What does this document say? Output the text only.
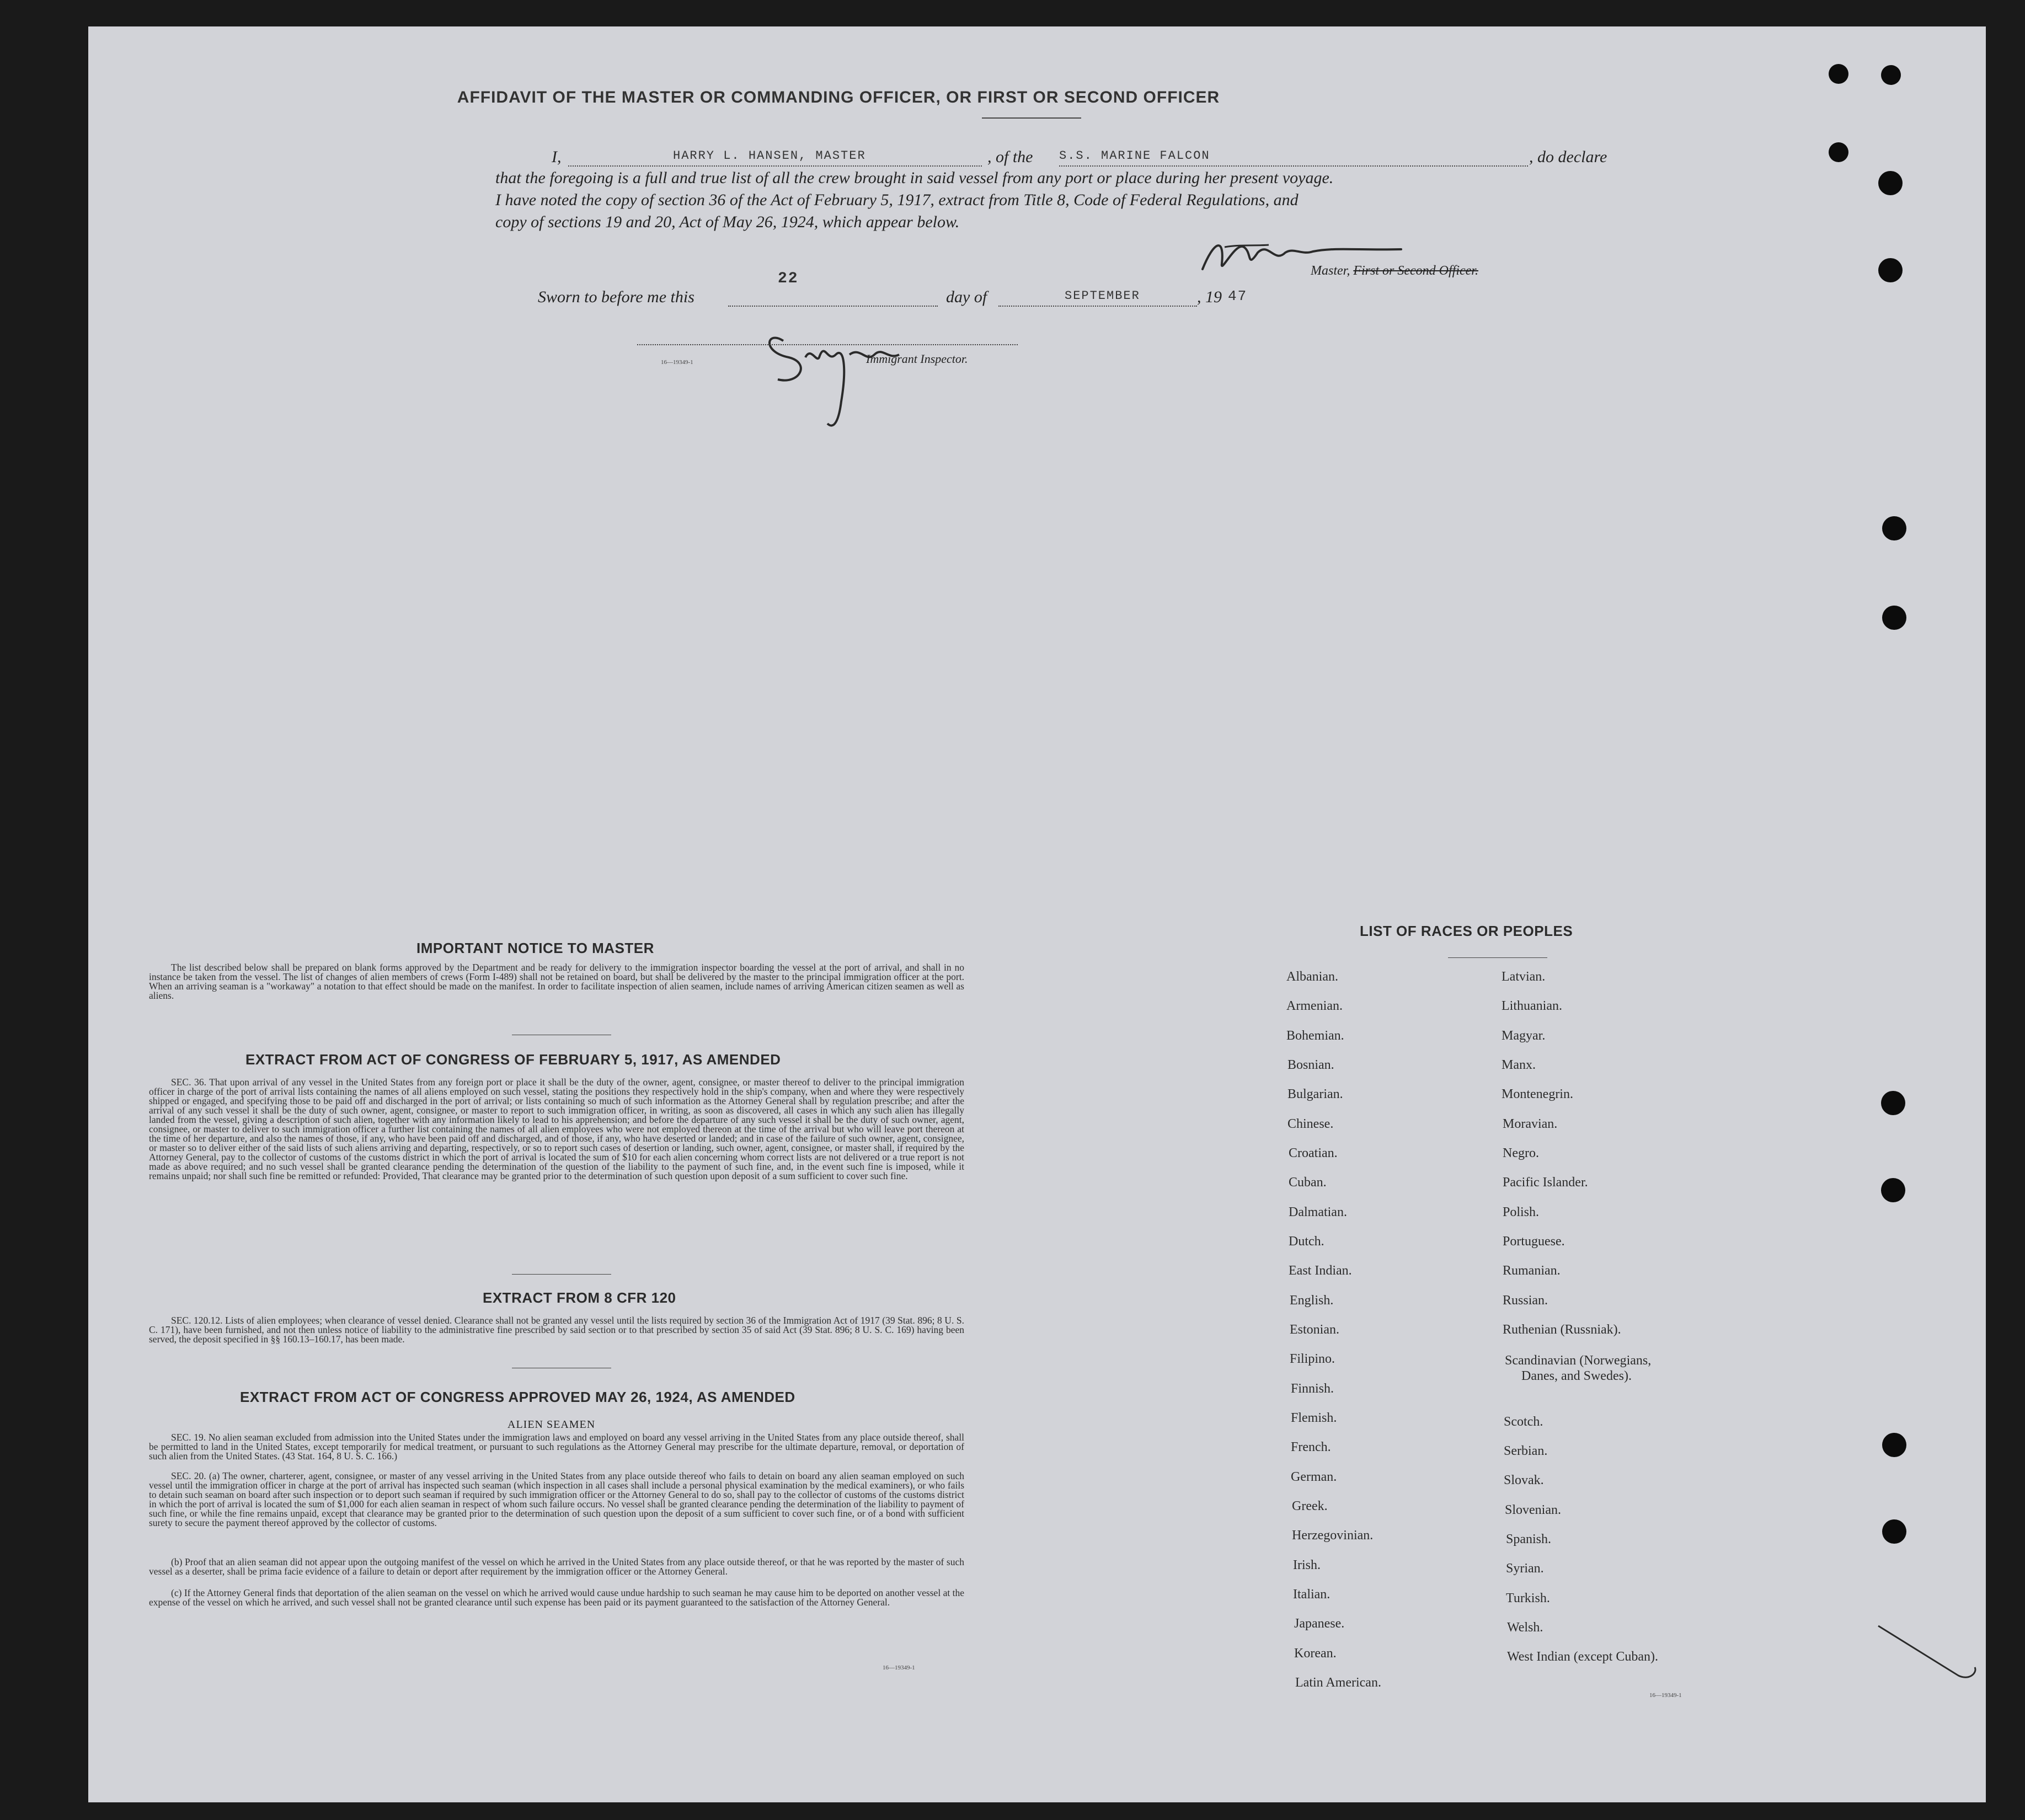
AFFIDAVIT OF THE MASTER OR COMMANDING OFFICER, OR FIRST OR SECOND OFFICER
I,	HARRY L. HANSEN, MASTER	, of the S.S. MARINE FALCON	, do declare
that the foregoing is a full and true list of all the crew brought in said vessel from any port or place during her present voyage.
I have noted the copy of section 36 of the Act of February 5, 1917, extract from Title 8, Code of Federal Regulations, and
copy of sections 19 and 20, Act of May 26, 1924, which appear below.
Master, First or Second Officer.
Sworn to before me this
22
day of	SEPTEMBER	, 19 47
16—19349-1	Immigrant Inspector.
IMPORTANT NOTICE TO MASTER

The list described below shall be prepared on blank forms approved by the Department and be ready for delivery to the immigration inspector boarding the vessel at the port of arrival, and shall in no instance be taken from the vessel. The list of changes of alien members of crews (Form I-489) shall not be retained on board, but shall be delivered by the master to the principal immigration officer at the port. When an arriving seaman is a "workaway" a notation to that effect should be made on the manifest. In order to facilitate inspection of alien seamen, include names of arriving American citizen seamen as well as aliens.

EXTRACT FROM ACT OF CONGRESS OF FEBRUARY 5, 1917, AS AMENDED

SEC. 36. That upon arrival of any vessel in the United States from any foreign port or place it shall be the duty of the owner, agent, consignee, or master thereof to deliver to the principal immigration officer in charge of the port of arrival lists containing the names of all aliens employed on such vessel, stating the positions they respectively hold in the ship's company, when and where they were respectively shipped or engaged, and specifying those to be paid off and discharged in the port of arrival; or lists containing so much of such information as the Attorney General shall by regulation prescribe; and after the arrival of any such vessel it shall be the duty of such owner, agent, consignee, or master to report to such immigration officer, in writing, as soon as discovered, all cases in which any such alien has illegally landed from the vessel, giving a description of such alien, together with any information likely to lead to his apprehension; and before the departure of any such vessel it shall be the duty of such owner, agent, consignee, or master to deliver to such immigration officer a further list containing the names of all alien employees who were not employed thereon at the time of the arrival but who will leave port thereon at the time of her departure, and also the names of those, if any, who have been paid off and discharged, and of those, if any, who have deserted or landed; and in case of the failure of such owner, agent, consignee, or master so to deliver either of the said lists of such aliens arriving and departing, respectively, or so to report such cases of desertion or landing, such owner, agent, consignee, or master shall, if required by the Attorney General, pay to the collector of customs of the customs district in which the port of arrival is located the sum of $10 for each alien concerning whom correct lists are not delivered or a true report is not made as above required; and no such vessel shall be granted clearance pending the determination of the question of the liability to the payment of such fine, and, in the event such fine is imposed, while it remains unpaid; nor shall such fine be remitted or refunded: Provided, That clearance may be granted prior to the determination of such question upon deposit of a sum sufficient to cover such fine.

EXTRACT FROM 8 CFR 120

SEC. 120.12. Lists of alien employees; when clearance of vessel denied. Clearance shall not be granted any vessel until the lists required by section 36 of the Immigration Act of 1917 (39 Stat. 896; 8 U. S. C. 171), have been furnished, and not then unless notice of liability to the administrative fine prescribed by said section or to that prescribed by section 35 of said Act (39 Stat. 896; 8 U. S. C. 169) having been served, the deposit specified in §§ 160.13–160.17, has been made.

EXTRACT FROM ACT OF CONGRESS APPROVED MAY 26, 1924, AS AMENDED
ALIEN SEAMEN

SEC. 19. No alien seaman excluded from admission into the United States under the immigration laws and employed on board any vessel arriving in the United States from any place outside thereof, shall be permitted to land in the United States, except temporarily for medical treatment, or pursuant to such regulations as the Attorney General may prescribe for the ultimate departure, removal, or deportation of such alien from the United States. (43 Stat. 164, 8 U. S. C. 166.)

SEC. 20. (a) The owner, charterer, agent, consignee, or master of any vessel arriving in the United States from any place outside thereof who fails to detain on board any alien seaman employed on such vessel until the immigration officer in charge at the port of arrival has inspected such seaman (which inspection in all cases shall include a personal physical examination by the medical examiners), or who fails to detain such seaman on board after such inspection or to deport such seaman if required by such immigration officer or the Attorney General to do so, shall pay to the collector of customs of the customs district in which the port of arrival is located the sum of $1,000 for each alien seaman in respect of whom such failure occurs. No vessel shall be granted clearance pending the determination of the liability to payment of such fine, or while the fine remains unpaid, except that clearance may be granted prior to the determination of such question upon the deposit of a sum sufficient to cover such fine, or of a bond with sufficient surety to secure the payment thereof approved by the collector of customs.

(b) Proof that an alien seaman did not appear upon the outgoing manifest of the vessel on which he arrived in the United States from any place outside thereof, or that he was reported by the master of such vessel as a deserter, shall be prima facie evidence of a failure to detain or deport after requirement by the immigration officer or the Attorney General.

(c) If the Attorney General finds that deportation of the alien seaman on the vessel on which he arrived would cause undue hardship to such seaman he may cause him to be deported on another vessel at the expense of the vessel on which he arrived, and such vessel shall not be granted clearance until such expense has been paid or its payment guaranteed to the satisfaction of the Attorney General.

16—19349-1
LIST OF RACES OR PEOPLES
Albanian.
Armenian.
Bohemian.
Bosnian.
Bulgarian.
Chinese.
Croatian.
Cuban.
Dalmatian.
Dutch.
East Indian.
English.
Estonian.
Filipino.
Finnish.
Flemish.
French.
German.
Greek.
Herzegovinian.
Irish.
Italian.
Japanese.
Korean.
Latin American.
Latvian.
Lithuanian.
Magyar.
Manx.
Montenegrin.
Moravian.
Negro.
Pacific Islander.
Polish.
Portuguese.
Rumanian.
Russian.
Ruthenian (Russniak).
Scandinavian (Norwegians,
Danes, and Swedes).
Scotch.
Serbian.
Slovak.
Slovenian.
Spanish.
Syrian.
Turkish.
Welsh.
West Indian (except Cuban).
16—19349-1
